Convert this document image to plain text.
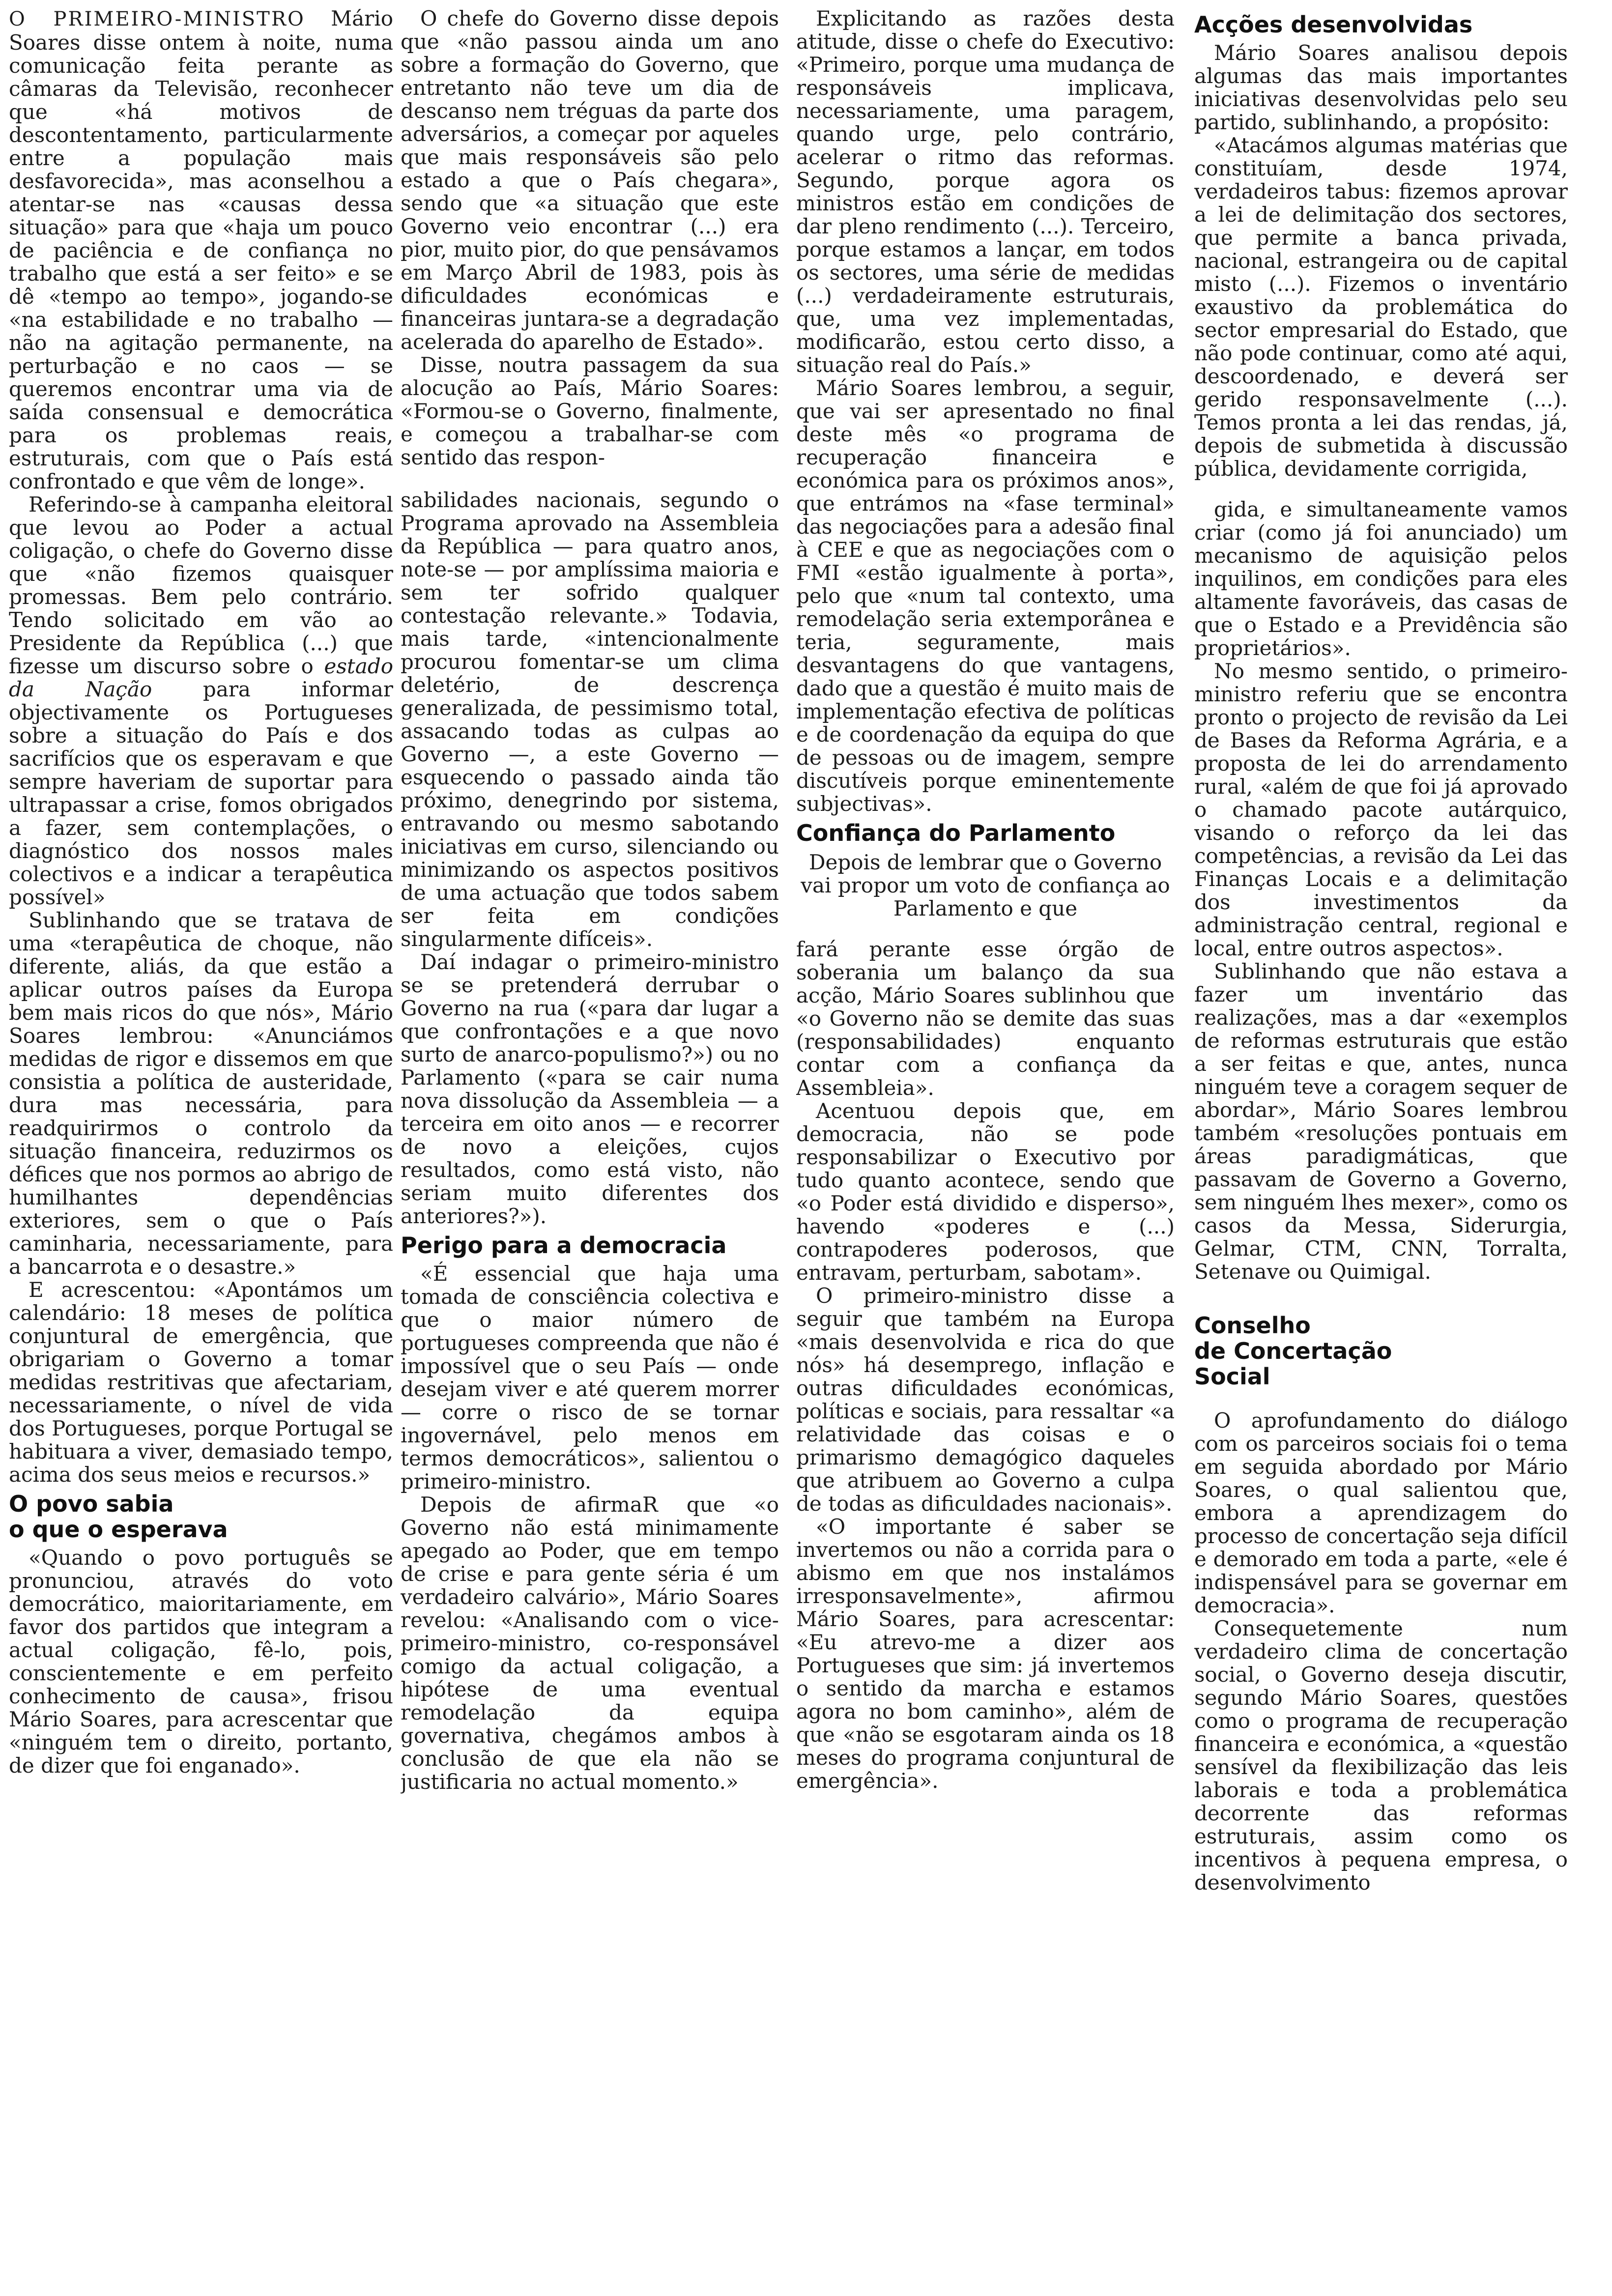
O PRIMEIRO-MINISTRO Mário Soares disse ontem à noite, numa comunicação feita perante as câmaras da Televisão, reconhecer que «há motivos de descontentamento, particularmente entre a população mais desfavorecida», mas aconselhou a atentar-se nas «causas dessa situação» para que «haja um pouco de paciência e de confiança no trabalho que está a ser feito» e se dê «tempo ao tempo», jogando-se «na estabilidade e no trabalho — não na agitação permanente, na perturbação e no caos — se queremos encontrar uma via de saída consensual e democrática para os problemas reais, estruturais, com que o País está confrontado e que vêm de longe».

Referindo-se à campanha eleitoral que levou ao Poder a actual coligação, o chefe do Governo disse que «não fizemos quaisquer promessas. Bem pelo contrário. Tendo solicitado em vão ao Presidente da República (...) que fizesse um discurso sobre o estado da Nação para informar objectivamente os Portugueses sobre a situação do País e dos sacrifícios que os esperavam e que sempre haveriam de suportar para ultrapassar a crise, fomos obrigados a fazer, sem contemplações, o diagnóstico dos nossos males colectivos e a indicar a terapêutica possível»

Sublinhando que se tratava de uma «terapêutica de choque, não diferente, aliás, da que estão a aplicar outros países da Europa bem mais ricos do que nós», Mário Soares lembrou: «Anunciámos medidas de rigor e dissemos em que consistia a política de austeridade, dura mas necessária, para readquirirmos o controlo da situação financeira, reduzirmos os défices que nos pormos ao abrigo de humilhantes dependências exteriores, sem o que o País caminharia, necessariamente, para a bancarrota e o desastre.»

E acrescentou: «Apontámos um calendário: 18 meses de política conjuntural de emergência, que obrigariam o Governo a tomar medidas restritivas que afectariam, necessariamente, o nível de vida dos Portugueses, porque Portugal se habituara a viver, demasiado tempo, acima dos seus meios e recursos.»

O povo sabia
o que o esperava

«Quando o povo português se pronunciou, através do voto democrático, maioritariamente, em favor dos partidos que integram a actual coligação, fê-lo, pois, conscientemente e em perfeito conhecimento de causa», frisou Mário Soares, para acrescentar que «ninguém tem o direito, portanto, de dizer que foi enganado».

O chefe do Governo disse depois que «não passou ainda um ano sobre a formação do Governo, que entretanto não teve um dia de descanso nem tréguas da parte dos adversários, a começar por aqueles que mais responsáveis são pelo estado a que o País chegara», sendo que «a situação que este Governo veio encontrar (...) era pior, muito pior, do que pensávamos em Março Abril de 1983, pois às dificuldades económicas e financeiras juntara-se a degradação acelerada do aparelho de Estado».

Disse, noutra passagem da sua alocução ao País, Mário Soares: «Formou-se o Governo, finalmente, e começou a trabalhar-se com sentido das respon-

sabilidades nacionais, segundo o Programa aprovado na Assembleia da República — para quatro anos, note-se — por amplíssima maioria e sem ter sofrido qualquer contestação relevante.» Todavia, mais tarde, «intencionalmente procurou fomentar-se um clima deletério, de descrença generalizada, de pessimismo total, assacando todas as culpas ao Governo —, a este Governo — esquecendo o passado ainda tão próximo, denegrindo por sistema, entravando ou mesmo sabotando iniciativas em curso, silenciando ou minimizando os aspectos positivos de uma actuação que todos sabem ser feita em condições singularmente difíceis».

Daí indagar o primeiro-ministro se se pretenderá derrubar o Governo na rua («para dar lugar a que confrontações e a que novo surto de anarco-populismo?») ou no Parlamento («para se cair numa nova dissolução da Assembleia — a terceira em oito anos — e recorrer de novo a eleições, cujos resultados, como está visto, não seriam muito diferentes dos anteriores?»).

Perigo para a democracia

«É essencial que haja uma tomada de consciência colectiva e que o maior número de portugueses compreenda que não é impossível que o seu País — onde desejam viver e até querem morrer — corre o risco de se tornar ingovernável, pelo menos em termos democráticos», salientou o primeiro-ministro.

Depois de afirmaR que «o Governo não está minimamente apegado ao Poder, que em tempo de crise e para gente séria é um verdadeiro calvário», Mário Soares revelou: «Analisando com o vice-primeiro-ministro, co-responsável comigo da actual coligação, a hipótese de uma eventual remodelação da equipa governativa, chegámos ambos à conclusão de que ela não se justificaria no actual momento.»

Explicitando as razões desta atitude, disse o chefe do Executivo: «Primeiro, porque uma mudança de responsáveis implicava, necessariamente, uma paragem, quando urge, pelo contrário, acelerar o ritmo das reformas. Segundo, porque agora os ministros estão em condições de dar pleno rendimento (...). Terceiro, porque estamos a lançar, em todos os sectores, uma série de medidas (...) verdadeiramente estruturais, que, uma vez implementadas, modificarão, estou certo disso, a situação real do País.»

Mário Soares lembrou, a seguir, que vai ser apresentado no final deste mês «o programa de recuperação financeira e económica para os próximos anos», que entrámos na «fase terminal» das negociações para a adesão final à CEE e que as negociações com o FMI «estão igualmente à porta», pelo que «num tal contexto, uma remodelação seria extemporânea e teria, seguramente, mais desvantagens do que vantagens, dado que a questão é muito mais de implementação efectiva de políticas e de coordenação da equipa do que de pessoas ou de imagem, sempre discutíveis porque eminentemente subjectivas».

Confiança do Parlamento
Depois de lembrar que o Governo vai propor um voto de confiança ao Parlamento e que

fará perante esse órgão de soberania um balanço da sua acção, Mário Soares sublinhou que «o Governo não se demite das suas (responsabilidades) enquanto contar com a confiança da Assembleia».

Acentuou depois que, em democracia, não se pode responsabilizar o Executivo por tudo quanto acontece, sendo que «o Poder está dividido e disperso», havendo «poderes e (...) contrapoderes poderosos, que entravam, perturbam, sabotam».

O primeiro-ministro disse a seguir que também na Europa «mais desenvolvida e rica do que nós» há desemprego, inflação e outras dificuldades económicas, políticas e sociais, para ressaltar «a relatividade das coisas e o primarismo demagógico daqueles que atribuem ao Governo a culpa de todas as dificuldades nacionais».

«O importante é saber se invertemos ou não a corrida para o abismo em que nos instalámos irresponsavelmente», afirmou Mário Soares, para acrescentar: «Eu atrevo-me a dizer aos Portugueses que sim: já invertemos o sentido da marcha e estamos agora no bom caminho», além de que «não se esgotaram ainda os 18 meses do programa conjuntural de emergência».

Acções desenvolvidas

Mário Soares analisou depois algumas das mais importantes iniciativas desenvolvidas pelo seu partido, sublinhando, a propósito:

«Atacámos algumas matérias que constituíam, desde 1974, verdadeiros tabus: fizemos aprovar a lei de delimitação dos sectores, que permite a banca privada, nacional, estrangeira ou de capital misto (...). Fizemos o inventário exaustivo da problemática do sector empresarial do Estado, que não pode continuar, como até aqui, descoordenado, e deverá ser gerido responsavelmente (...). Temos pronta a lei das rendas, já, depois de submetida à discussão pública, devidamente corrigida,

gida, e simultaneamente vamos criar (como já foi anunciado) um mecanismo de aquisição pelos inquilinos, em condições para eles altamente favoráveis, das casas de que o Estado e a Previdência são proprietários».

No mesmo sentido, o primeiro-ministro referiu que se encontra pronto o projecto de revisão da Lei de Bases da Reforma Agrária, e a proposta de lei do arrendamento rural, «além de que foi já aprovado o chamado pacote autárquico, visando o reforço da lei das competências, a revisão da Lei das Finanças Locais e a delimitação dos investimentos da administração central, regional e local, entre outros aspectos».

Sublinhando que não estava a fazer um inventário das realizações, mas a dar «exemplos de reformas estruturais que estão a ser feitas e que, antes, nunca ninguém teve a coragem sequer de abordar», Mário Soares lembrou também «resoluções pontuais em áreas paradigmáticas, que passavam de Governo a Governo, sem ninguém lhes mexer», como os casos da Messa, Siderurgia, Gelmar, CTM, CNN, Torralta, Setenave ou Quimigal.

Conselho
de Concertação
Social

O aprofundamento do diálogo com os parceiros sociais foi o tema em seguida abordado por Mário Soares, o qual salientou que, embora a aprendizagem do processo de concertação seja difícil e demorado em toda a parte, «ele é indispensável para se governar em democracia».

Consequetemente num verdadeiro clima de concertação social, o Governo deseja discutir, segundo Mário Soares, questões como o programa de recuperação financeira e económica, a «questão sensível da flexibilização das leis laborais e toda a problemática decorrente das reformas estruturais, assim como os incentivos à pequena empresa, o desenvolvimento
